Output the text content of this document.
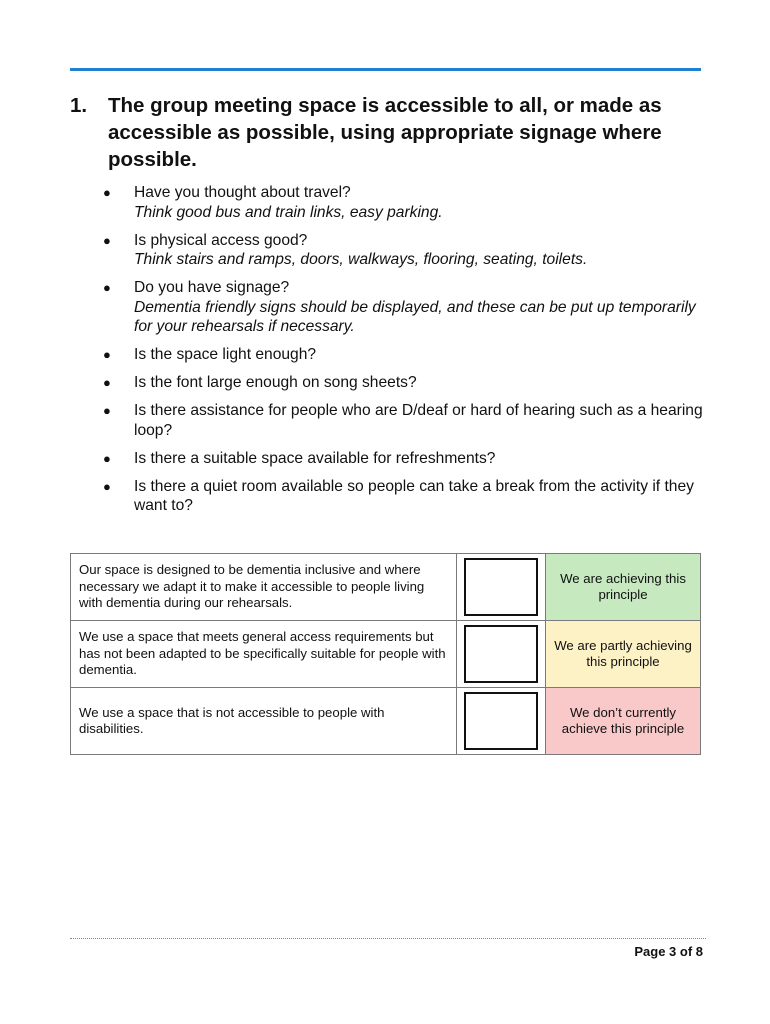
1.	The group meeting space is accessible to all, or made as accessible as possible, using appropriate signage where possible.
●	Have you thought about travel?
Think good bus and train links, easy parking.
●	Is physical access good?
Think stairs and ramps, doors, walkways, flooring, seating, toilets.
●	Do you have signage?
Dementia friendly signs should be displayed, and these can be put up temporarily for your rehearsals if necessary.
●	Is the space light enough?
●	Is the font large enough on song sheets?
●	Is there assistance for people who are D/deaf or hard of hearing such as a hearing loop?
●	Is there a suitable space available for refreshments?
●	Is there a quiet room available so people can take a break from the activity if they want to?
Our space is designed to be dementia inclusive and where necessary we adapt it to make it accessible to people living with dementia during our rehearsals.		We are achieving this principle
We use a space that meets general access requirements but has not been adapted to be specifically suitable for people with dementia.		We are partly achieving this principle
We use a space that is not accessible to people with disabilities.		We don’t currently achieve this principle
Page 3 of 8
